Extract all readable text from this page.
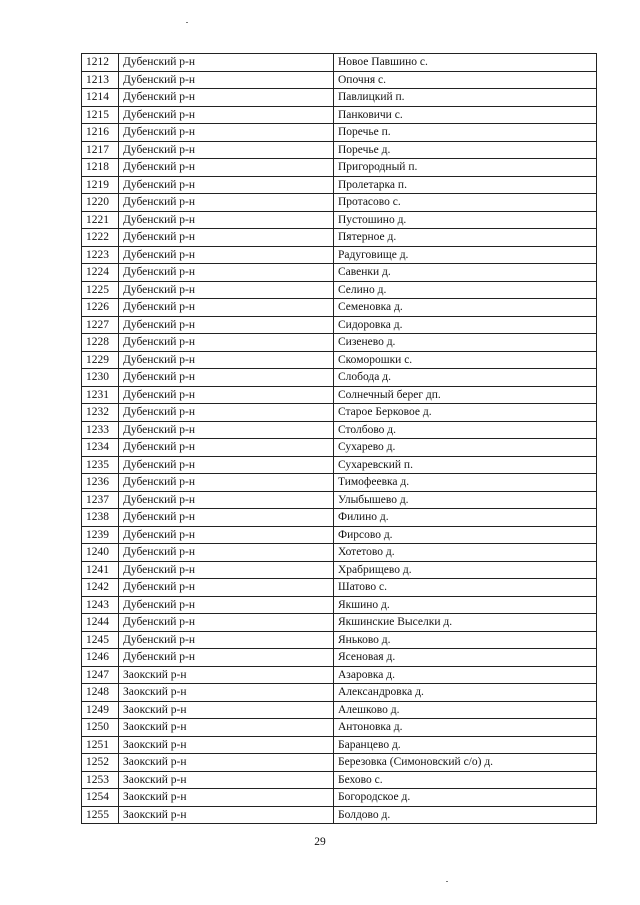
1212	Дубенский р-н	Новое Павшино с.
1213	Дубенский р-н	Опочня с.
1214	Дубенский р-н	Павлицкий п.
1215	Дубенский р-н	Панковичи с.
1216	Дубенский р-н	Поречье п.
1217	Дубенский р-н	Поречье д.
1218	Дубенский р-н	Пригородный п.
1219	Дубенский р-н	Пролетарка п.
1220	Дубенский р-н	Протасово с.
1221	Дубенский р-н	Пустошино д.
1222	Дубенский р-н	Пятерное д.
1223	Дубенский р-н	Радуговище д.
1224	Дубенский р-н	Савенки д.
1225	Дубенский р-н	Селино д.
1226	Дубенский р-н	Семеновка д.
1227	Дубенский р-н	Сидоровка д.
1228	Дубенский р-н	Сизенево д.
1229	Дубенский р-н	Скоморошки с.
1230	Дубенский р-н	Слобода д.
1231	Дубенский р-н	Солнечный берег дп.
1232	Дубенский р-н	Старое Берковое д.
1233	Дубенский р-н	Столбово д.
1234	Дубенский р-н	Сухарево д.
1235	Дубенский р-н	Сухаревский п.
1236	Дубенский р-н	Тимофеевка д.
1237	Дубенский р-н	Улыбышево д.
1238	Дубенский р-н	Филино д.
1239	Дубенский р-н	Фирсово д.
1240	Дубенский р-н	Хотетово д.
1241	Дубенский р-н	Храбрищево д.
1242	Дубенский р-н	Шатово с.
1243	Дубенский р-н	Якшино д.
1244	Дубенский р-н	Якшинские Выселки д.
1245	Дубенский р-н	Яньково д.
1246	Дубенский р-н	Ясеновая д.
1247	Заокский р-н	Азаровка д.
1248	Заокский р-н	Александровка д.
1249	Заокский р-н	Алешково д.
1250	Заокский р-н	Антоновка д.
1251	Заокский р-н	Баранцево д.
1252	Заокский р-н	Березовка (Симоновский с/о) д.
1253	Заокский р-н	Бехово с.
1254	Заокский р-н	Богородское д.
1255	Заокский р-н	Болдово д.
29
